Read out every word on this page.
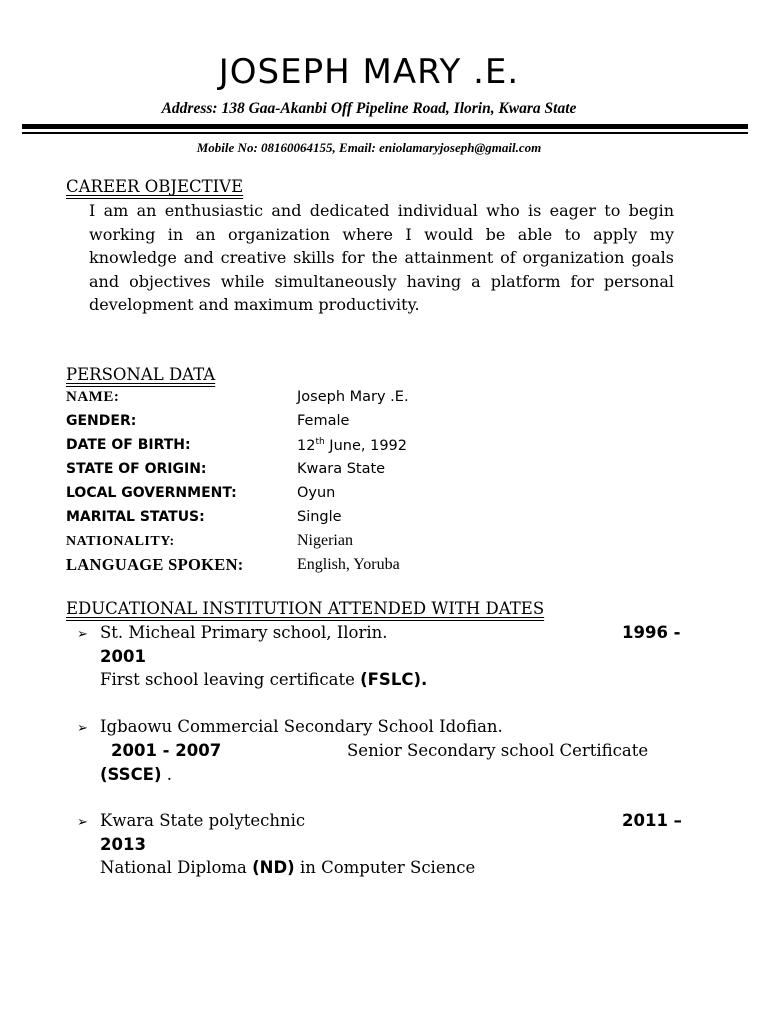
JOSEPH MARY .E.
Address: 138 Gaa-Akanbi Off Pipeline Road, Ilorin, Kwara State
Mobile No: 08160064155, Email: eniolamaryjoseph@gmail.com
CAREER OBJECTIVE
I am an enthusiastic and dedicated individual who is eager to begin working in an organization where I would be able to apply my knowledge and creative skills for the attainment of organization goals and objectives while simultaneously having a platform for personal development and maximum productivity.
PERSONAL DATA
NAME:	Joseph Mary .E.
GENDER:	Female
DATE OF BIRTH:	12th June, 1992
STATE OF ORIGIN:	Kwara State
LOCAL GOVERNMENT:	Oyun
MARITAL STATUS:	Single
NATIONALITY:	Nigerian
LANGUAGE SPOKEN:	English, Yoruba
EDUCATIONAL INSTITUTION ATTENDED WITH DATES
➢ St. Micheal Primary school, Ilorin.	1996 -
2001
First school leaving certificate (FSLC).
➢ Igbaowu Commercial Secondary School Idofian.
2001 - 2007	Senior Secondary school Certificate
(SSCE) .
➢ Kwara State polytechnic	2011 –
2013
National Diploma (ND) in Computer Science
